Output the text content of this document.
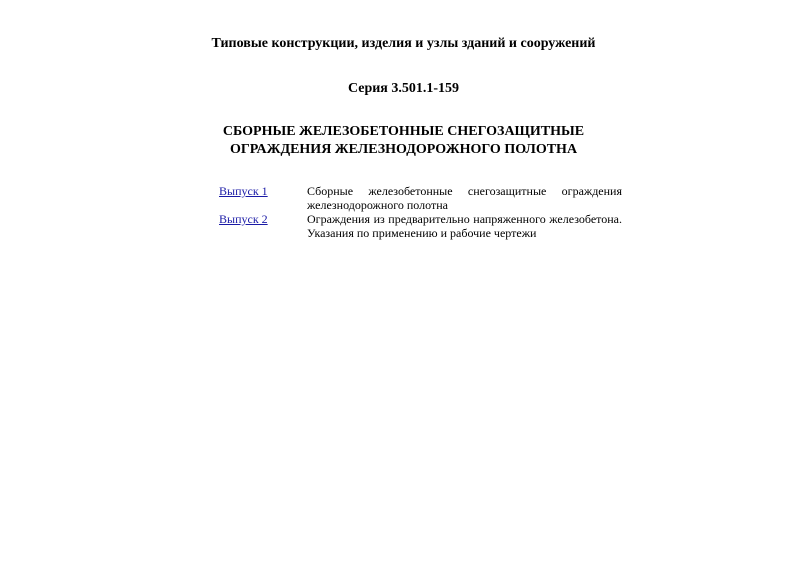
Типовые конструкции, изделия и узлы зданий и сооружений
Серия 3.501.1-159
СБОРНЫЕ ЖЕЛЕЗОБЕТОННЫЕ СНЕГОЗАЩИТНЫЕ
ОГРАЖДЕНИЯ ЖЕЛЕЗНОДОРОЖНОГО ПОЛОТНА
Выпуск 1	Сборные железобетонные снегозащитные ограждения железнодорожного полотна
Выпуск 2	Ограждения из предварительно напряженного железобетона. Указания по применению и рабочие чертежи
